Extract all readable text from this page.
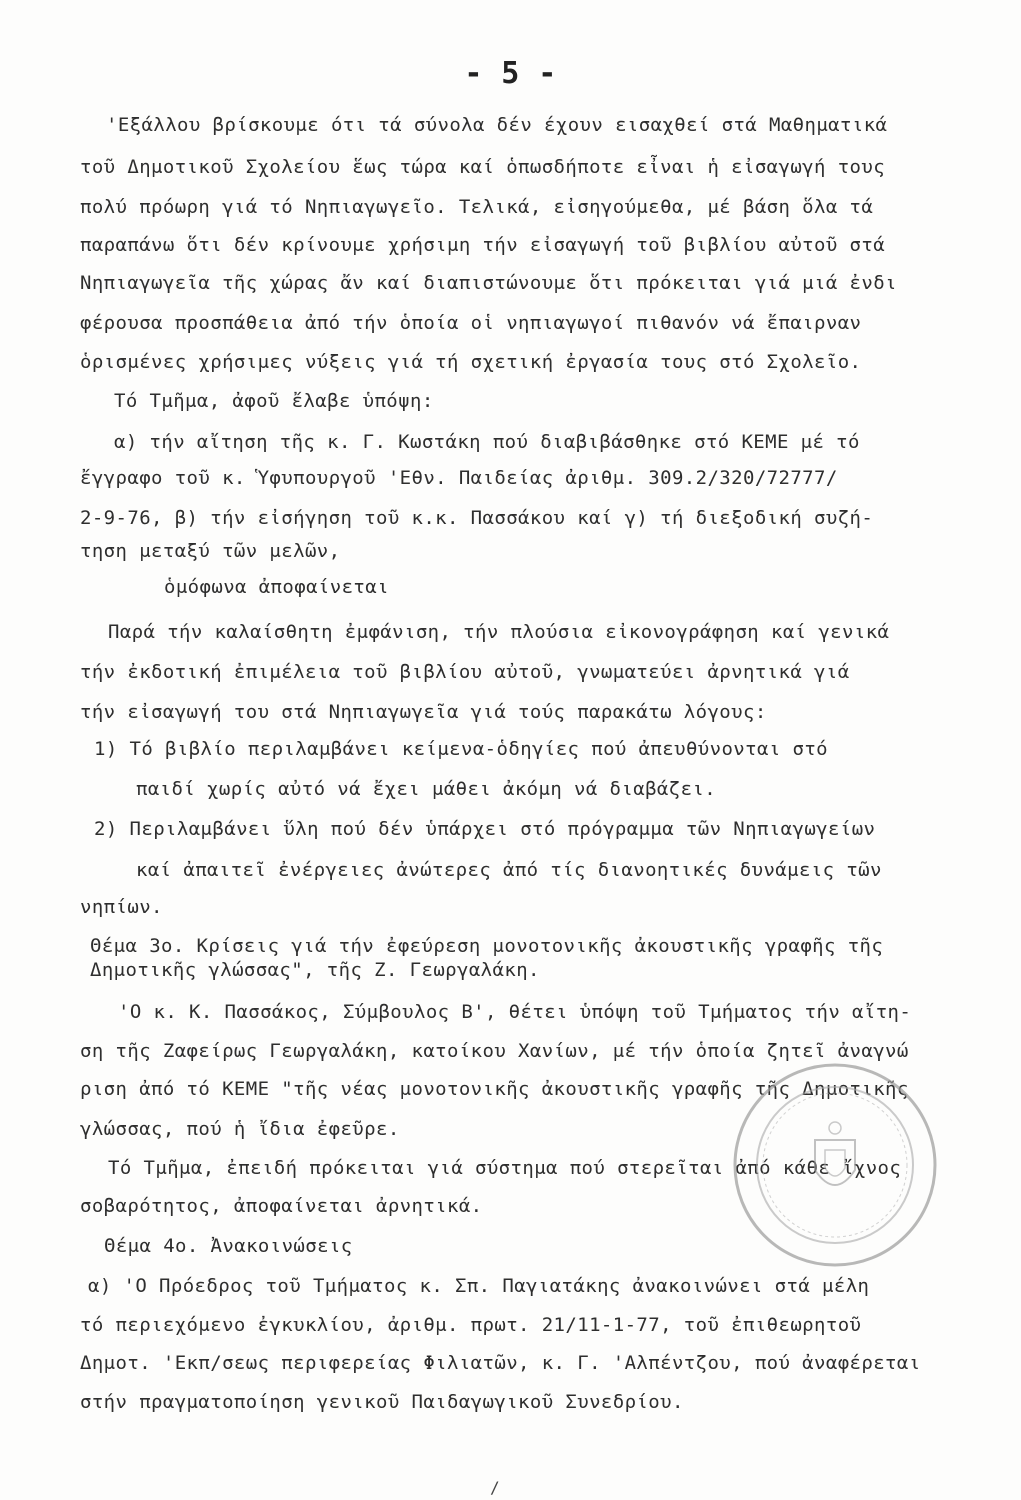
- 5 -

'Εξάλλου βρίσκουμε ότι τά σύνολα δέν έχουν εισαχθεί στά Μαθηματικά

τοῦ Δημοτικοῦ Σχολείου ἕως τώρα καί ὁπωσδήποτε εἶναι ἡ εἰσαγωγή τους

πολύ πρόωρη γιά τό Νηπιαγωγεῖο. Τελικά, εἰσηγούμεθα, μέ βάση ὅλα τά

παραπάνω ὅτι δέν κρίνουμε χρήσιμη τήν εἰσαγωγή τοῦ βιβλίου αὐτοῦ στά

Νηπιαγωγεῖα τῆς χώρας ἄν καί διαπιστώνουμε ὅτι πρόκειται γιά μιά ἐνδι

φέρουσα προσπάθεια ἀπό τήν ὁποία οἱ νηπιαγωγοί πιθανόν νά ἔπαιρναν

ὁρισμένες χρήσιμες νύξεις γιά τή σχετική ἐργασία τους στό Σχολεῖο.

Τό Τμῆμα, ἀφοῦ ἔλαβε ὑπόψη:

α) τήν αἴτηση τῆς κ. Γ. Κωστάκη πού διαβιβάσθηκε στό ΚΕΜΕ μέ τό

ἔγγραφο τοῦ κ. Ὑφυπουργοῦ 'Εθν. Παιδείας ἀριθμ. 309.2/320/72777/

2-9-76, β) τήν εἰσήγηση τοῦ κ.κ. Πασσάκου καί γ) τή διεξοδική συζή-

τηση μεταξύ τῶν μελῶν,

ὁμόφωνα ἀποφαίνεται

Παρά τήν καλαίσθητη ἐμφάνιση, τήν πλούσια εἰκονογράφηση καί γενικά

τήν ἐκδοτική ἐπιμέλεια τοῦ βιβλίου αὐτοῦ, γνωματεύει ἀρνητικά γιά

τήν εἰσαγωγή του στά Νηπιαγωγεῖα γιά τούς παρακάτω λόγους:

1) Τό βιβλίο περιλαμβάνει κείμενα-ὁδηγίες πού ἀπευθύνονται στό

παιδί χωρίς αὐτό νά ἔχει μάθει ἀκόμη νά διαβάζει.

2) Περιλαμβάνει ὕλη πού δέν ὑπάρχει στό πρόγραμμα τῶν Νηπιαγωγείων

καί ἀπαιτεῖ ἐνέργειες ἀνώτερες ἀπό τίς διανοητικές δυνάμεις τῶν

νηπίων.

Θέμα 3ο. Κρίσεις γιά τήν ἐφεύρεση μονοτονικῆς ἀκουστικῆς γραφῆς τῆς

Δημοτικῆς γλώσσας", τῆς Ζ. Γεωργαλάκη.

'Ο κ. Κ. Πασσάκος, Σύμβουλος Β', θέτει ὑπόψη τοῦ Τμήματος τήν αἴτη-

ση τῆς Ζαφείρως Γεωργαλάκη, κατοίκου Χανίων, μέ τήν ὁποία ζητεῖ ἀναγνώ

ριση ἀπό τό ΚΕΜΕ "τῆς νέας μονοτονικῆς ἀκουστικῆς γραφῆς τῆς Δημοτικῆς

γλώσσας, πού ἡ ἴδια ἐφεῦρε.

Τό Τμῆμα, ἐπειδή πρόκειται γιά σύστημα πού στερεῖται ἀπό κάθε ἴχνος

σοβαρότητος, ἀποφαίνεται ἀρνητικά.

Θέμα 4ο. Ἀνακοινώσεις

α) 'Ο Πρόεδρος τοῦ Τμήματος κ. Σπ. Παγιατάκης ἀνακοινώνει στά μέλη

τό περιεχόμενο ἐγκυκλίου, ἀριθμ. πρωτ. 21/11-1-77, τοῦ ἐπιθεωρητοῦ

Δημοτ. 'Εκπ/σεως περιφερείας Φιλιατῶν, κ. Γ. 'Αλπέντζου, πού ἀναφέρεται

στήν πραγματοποίηση γενικοῦ Παιδαγωγικοῦ Συνεδρίου.

/
